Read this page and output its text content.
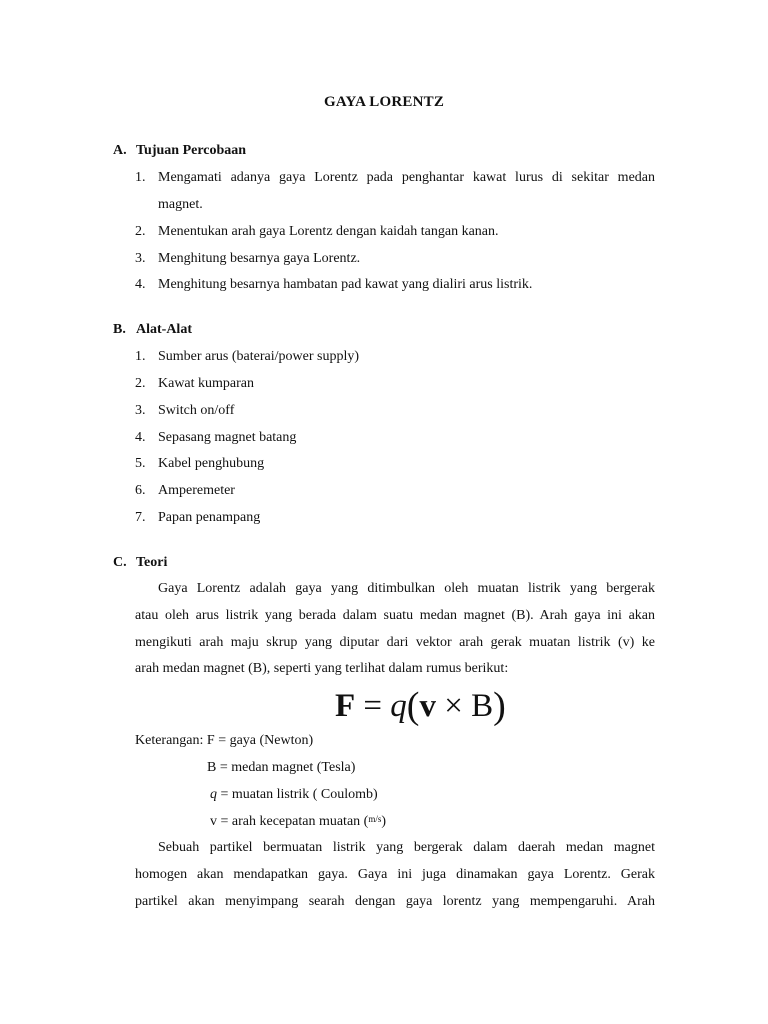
GAYA LORENTZ
A. Tujuan Percobaan
1. Mengamati adanya gaya Lorentz pada penghantar kawat lurus di sekitar medan
magnet.
2. Menentukan arah gaya Lorentz dengan kaidah tangan kanan.
3. Menghitung besarnya gaya Lorentz.
4. Menghitung besarnya hambatan pad kawat yang dialiri arus listrik.
B. Alat-Alat
1. Sumber arus (baterai/power supply)
2. Kawat kumparan
3. Switch on/off
4. Sepasang magnet batang
5. Kabel penghubung
6. Amperemeter
7. Papan penampang
C. Teori
Gaya Lorentz adalah gaya yang ditimbulkan oleh muatan listrik yang bergerak
atau oleh arus listrik yang berada dalam suatu medan magnet (B). Arah gaya ini akan
mengikuti arah maju skrup yang diputar dari vektor arah gerak muatan listrik (v) ke
arah medan magnet (B), seperti yang terlihat dalam rumus berikut:
F = q(v × B)
Keterangan: F = gaya (Newton)
B = medan magnet (Tesla)
q = muatan listrik ( Coulomb)
v = arah kecepatan muatan ($^{m/s}$)
Sebuah partikel bermuatan listrik yang bergerak dalam daerah medan magnet
homogen akan mendapatkan gaya. Gaya ini juga dinamakan gaya Lorentz. Gerak
partikel akan menyimpang searah dengan gaya lorentz yang mempengaruhi. Arah
